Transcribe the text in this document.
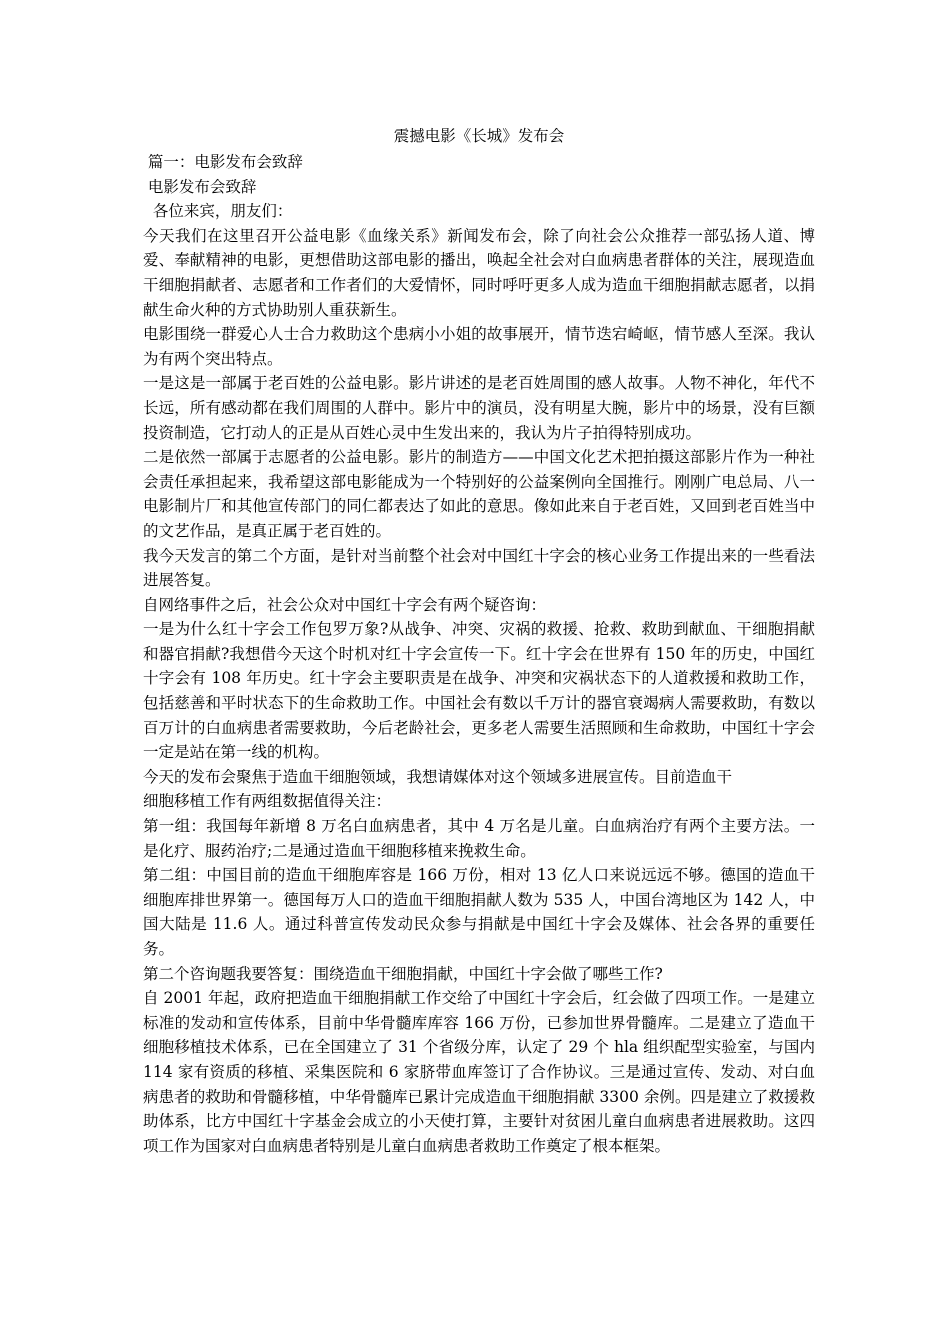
震撼电影《长城》发布会

篇一：电影发布会致辞

电影发布会致辞

各位来宾，朋友们：

今天我们在这里召开公益电影《血缘关系》新闻发布会，除了向社会公众推荐一部弘扬人道、博爱、奉献精神的电影，更想借助这部电影的播出，唤起全社会对白血病患者群体的关注，展现造血干细胞捐献者、志愿者和工作者们的大爱情怀，同时呼吁更多人成为造血干细胞捐献志愿者，以捐献生命火种的方式协助别人重获新生。

电影围绕一群爱心人士合力救助这个患病小小姐的故事展开，情节迭宕崎岖，情节感人至深。我认为有两个突出特点。

一是这是一部属于老百姓的公益电影。影片讲述的是老百姓周围的感人故事。人物不神化，年代不长远，所有感动都在我们周围的人群中。影片中的演员，没有明星大腕，影片中的场景，没有巨额投资制造，它打动人的正是从百姓心灵中生发出来的，我认为片子拍得特别成功。

二是依然一部属于志愿者的公益电影。影片的制造方——中国文化艺术把拍摄这部影片作为一种社会责任承担起来，我希望这部电影能成为一个特别好的公益案例向全国推行。刚刚广电总局、八一电影制片厂和其他宣传部门的同仁都表达了如此的意思。像如此来自于老百姓，又回到老百姓当中的文艺作品，是真正属于老百姓的。

我今天发言的第二个方面，是针对当前整个社会对中国红十字会的核心业务工作提出来的一些看法进展答复。

自网络事件之后，社会公众对中国红十字会有两个疑咨询：

一是为什么红十字会工作包罗万象?从战争、冲突、灾祸的救援、抢救、救助到献血、干细胞捐献和器官捐献?我想借今天这个时机对红十字会宣传一下。红十字会在世界有 150 年的历史，中国红十字会有 108 年历史。红十字会主要职责是在战争、冲突和灾祸状态下的人道救援和救助工作，包括慈善和平时状态下的生命救助工作。中国社会有数以千万计的器官衰竭病人需要救助，有数以百万计的白血病患者需要救助，今后老龄社会，更多老人需要生活照顾和生命救助，中国红十字会一定是站在第一线的机构。

今天的发布会聚焦于造血干细胞领域，我想请媒体对这个领域多进展宣传。目前造血干
细胞移植工作有两组数据值得关注：

第一组：我国每年新增 8 万名白血病患者，其中 4 万名是儿童。白血病治疗有两个主要方法。一是化疗、服药治疗;二是通过造血干细胞移植来挽救生命。

第二组：中国目前的造血干细胞库容是 166 万份，相对 13 亿人口来说远远不够。德国的造血干细胞库排世界第一。德国每万人口的造血干细胞捐献人数为 535 人，中国台湾地区为 142 人，中国大陆是 11.6 人。通过科普宣传发动民众参与捐献是中国红十字会及媒体、社会各界的重要任务。

第二个咨询题我要答复：围绕造血干细胞捐献，中国红十字会做了哪些工作?

自 2001 年起，政府把造血干细胞捐献工作交给了中国红十字会后，红会做了四项工作。一是建立标准的发动和宣传体系，目前中华骨髓库库容 166 万份，已参加世界骨髓库。二是建立了造血干细胞移植技术体系，已在全国建立了 31 个省级分库，认定了 29 个 hla 组织配型实验室，与国内 114 家有资质的移植、采集医院和 6 家脐带血库签订了合作协议。三是通过宣传、发动、对白血病患者的救助和骨髓移植，中华骨髓库已累计完成造血干细胞捐献 3300 余例。四是建立了救援救助体系，比方中国红十字基金会成立的小天使打算，主要针对贫困儿童白血病患者进展救助。这四项工作为国家对白血病患者特别是儿童白血病患者救助工作奠定了根本框架。
